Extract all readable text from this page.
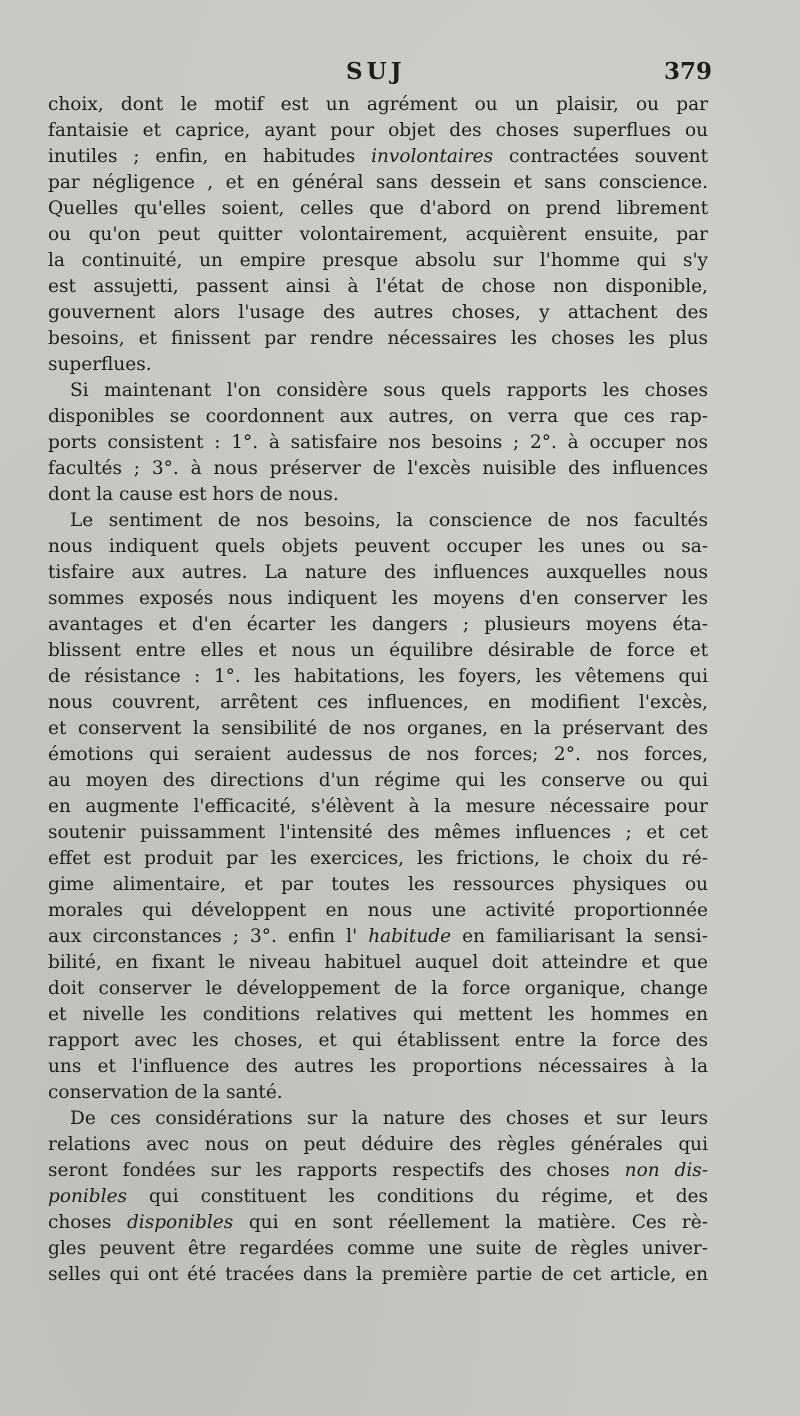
SUJ	379
choix, dont le motif est un agrément ou un plaisir, ou par
fantaisie et caprice, ayant pour objet des choses superflues ou
inutiles ; enfin, en habitudes involontaires contractées souvent
par négligence , et en général sans dessein et sans conscience.
Quelles qu'elles soient, celles que d'abord on prend librement
ou qu'on peut quitter volontairement, acquièrent ensuite, par
la continuité, un empire presque absolu sur l'homme qui s'y
est assujetti, passent ainsi à l'état de chose non disponible,
gouvernent alors l'usage des autres choses, y attachent des
besoins, et finissent par rendre nécessaires les choses les plus
superflues.
Si maintenant l'on considère sous quels rapports les choses
disponibles se coordonnent aux autres, on verra que ces rap-
ports consistent : 1°. à satisfaire nos besoins ; 2°. à occuper nos
facultés ; 3°. à nous préserver de l'excès nuisible des influences
dont la cause est hors de nous.
Le sentiment de nos besoins, la conscience de nos facultés
nous indiquent quels objets peuvent occuper les unes ou sa-
tisfaire aux autres. La nature des influences auxquelles nous
sommes exposés nous indiquent les moyens d'en conserver les
avantages et d'en écarter les dangers ; plusieurs moyens éta-
blissent entre elles et nous un équilibre désirable de force et
de résistance : 1°. les habitations, les foyers, les vêtemens qui
nous couvrent, arrêtent ces influences, en modifient l'excès,
et conservent la sensibilité de nos organes, en la préservant des
émotions qui seraient audessus de nos forces; 2°. nos forces,
au moyen des directions d'un régime qui les conserve ou qui
en augmente l'efficacité, s'élèvent à la mesure nécessaire pour
soutenir puissamment l'intensité des mêmes influences ; et cet
effet est produit par les exercices, les frictions, le choix du ré-
gime alimentaire, et par toutes les ressources physiques ou
morales qui développent en nous une activité proportionnée
aux circonstances ; 3°. enfin l' habitude en familiarisant la sensi-
bilité, en fixant le niveau habituel auquel doit atteindre et que
doit conserver le développement de la force organique, change
et nivelle les conditions relatives qui mettent les hommes en
rapport avec les choses, et qui établissent entre la force des
uns et l'influence des autres les proportions nécessaires à la
conservation de la santé.
De ces considérations sur la nature des choses et sur leurs
relations avec nous on peut déduire des règles générales qui
seront fondées sur les rapports respectifs des choses non dis-
ponibles qui constituent les conditions du régime, et des
choses disponibles qui en sont réellement la matière. Ces rè-
gles peuvent être regardées comme une suite de règles univer-
selles qui ont été tracées dans la première partie de cet article, en
